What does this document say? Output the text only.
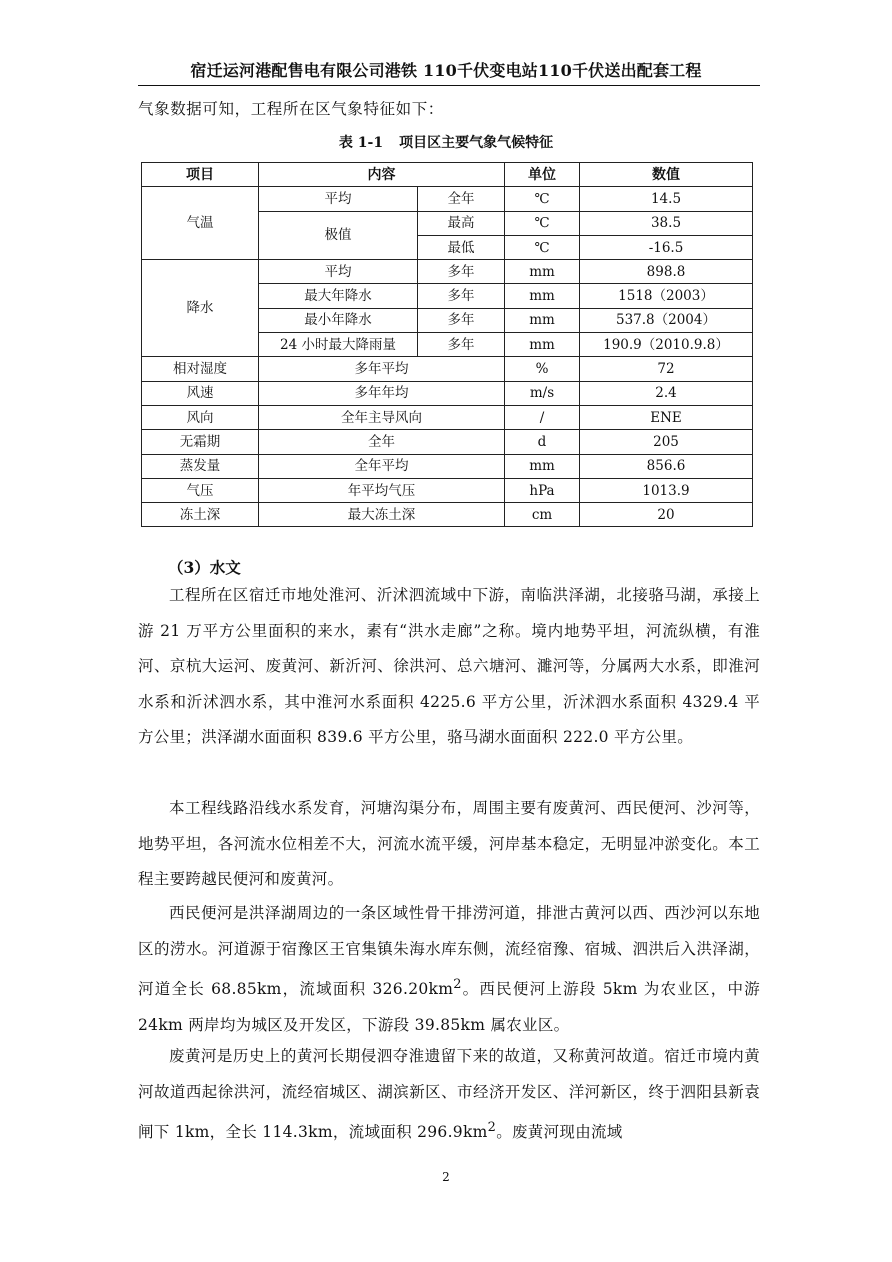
宿迁运河港配售电有限公司港铁 110千伏变电站110千伏送出配套工程
气象数据可知，工程所在区气象特征如下：
表 1-1 项目区主要气象气候特征
项目	内容		单位	数值
气温	平均	全年	℃	14.5
	极值	最高	℃	38.5
		最低	℃	-16.5
降水	平均	多年	mm	898.8
	最大年降水	多年	mm	1518（2003）
	最小年降水	多年	mm	537.8（2004）
	24 小时最大降雨量	多年	mm	190.9（2010.9.8）
相对湿度	多年平均		%	72
风速	多年年均		m/s	2.4
风向	全年主导风向		/	ENE
无霜期	全年		d	205
蒸发量	全年平均		mm	856.6
气压	年平均气压		hPa	1013.9
冻土深	最大冻土深		cm	20
（3）水文

工程所在区宿迁市地处淮河、沂沭泗流域中下游，南临洪泽湖，北接骆马湖，承接上游 21 万平方公里面积的来水，素有“洪水走廊”之称。境内地势平坦，河流纵横，有淮河、京杭大运河、废黄河、新沂河、徐洪河、总六塘河、濉河等，分属两大水系，即淮河水系和沂沭泗水系，其中淮河水系面积 4225.6 平方公里，沂沭泗水系面积 4329.4 平方公里；洪泽湖水面面积 839.6 平方公里，骆马湖水面面积 222.0 平方公里。

本工程线路沿线水系发育，河塘沟渠分布，周围主要有废黄河、西民便河、沙河等，地势平坦，各河流水位相差不大，河流水流平缓，河岸基本稳定，无明显冲淤变化。本工程主要跨越民便河和废黄河。

西民便河是洪泽湖周边的一条区域性骨干排涝河道，排泄古黄河以西、西沙河以东地区的涝水。河道源于宿豫区王官集镇朱海水库东侧，流经宿豫、宿城、泗洪后入洪泽湖，河道全长 68.85km，流域面积 $326.20km^2$。西民便河上游段 5km 为农业区，中游 24km 两岸均为城区及开发区，下游段 39.85km 属农业区。

废黄河是历史上的黄河长期侵泗夺淮遗留下来的故道，又称黄河故道。宿迁市境内黄河故道西起徐洪河，流经宿城区、湖滨新区、市经济开发区、洋河新区，终于泗阳县新袁闸下 1km，全长 114.3km，流域面积 $296.9km^2$。废黄河现由流域

2
